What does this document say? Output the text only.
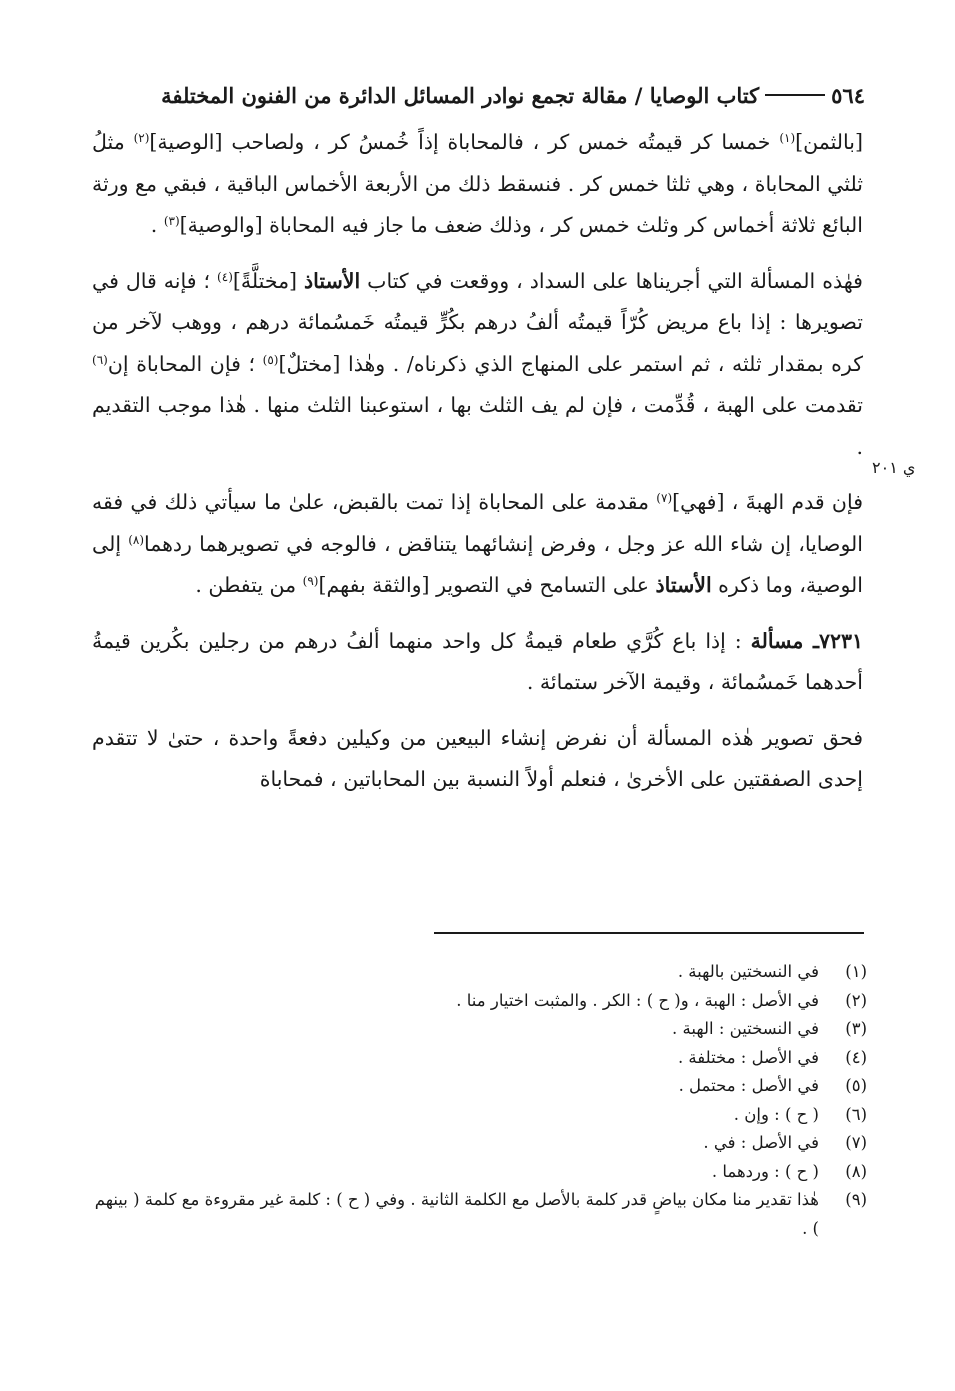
٥٦٤
كتاب الوصايا / مقالة تجمع نوادر المسائل الدائرة من الفنون المختلفة
ي ٢٠١

[بالثمن]$^{(١)}$ خمسا كر قيمتُه خمس كر ، فالمحاباة إذاً خُمسُ كر ، ولصاحب [الوصية]$^{(٢)}$ مثلُ ثلثي المحاباة ، وهي ثلثا خمس كر . فنسقط ذلك من الأربعة الأخماس الباقية ، فبقي مع ورثة البائع ثلاثة أخماس كر وثلث خمس كر ، وذلك ضعف ما جاز فيه المحاباة [والوصية]$^{(٣)}$ .

فهٰذه المسألة التي أجريناها على السداد ، ووقعت في كتاب الأستاذ [مختلَّةً]$^{(٤)}$ ؛ فإنه قال في تصويرها : إذا باع مريض كُرّاً قيمتُه ألفُ درهم بكُرٍّ قيمتُه خَمسُمائة درهم ، ووهب لآخر من كره بمقدار ثلثه ، ثم استمر على المنهاج الذي ذكرناه/ . وهٰذا [مختلٌ]$^{(٥)}$ ؛ فإن المحاباة إن$^{(٦)}$ تقدمت على الهبة ، قُدِّمت ، فإن لم يف الثلث بها ، استوعبنا الثلث منها . هٰذا موجب التقديم .

فإن قدم الهبةَ ، [فهي]$^{(٧)}$ مقدمة على المحاباة إذا تمت بالقبض، علىٰ ما سيأتي ذلك في فقه الوصايا، إن شاء الله عز وجل ، وفرض إنشائهما يتناقض ، فالوجه في تصويرهما ردهما$^{(٨)}$ إلى الوصية، وما ذكره الأستاذ على التسامح في التصوير [والثقة بفهم]$^{(٩)}$ من يتفطن .

٧٢٣١ـ مسألة : إذا باع كُرَّي طعام قيمةُ كل واحد منهما ألفُ درهم من رجلين بكُرين قيمةُ أحدهما خَمسُمائة ، وقيمة الآخر ستمائة .

فحق تصوير هٰذه المسألة أن نفرض إنشاء البيعين من وكيلين دفعةً واحدة ، حتىٰ لا تتقدم إحدى الصفقتين على الأخرىٰ ، فنعلم أولاً النسبة بين المحاباتين ، فمحاباة

(١)
في النسختين بالهبة .
(٢)
في الأصل : الهبة ، و( ح ) : الكر . والمثبت اختيار منا .
(٣)
في النسختين : الهبة .
(٤)
في الأصل : مختلفة .
(٥)
في الأصل : محتمل .
(٦)
( ح ) : وإن .
(٧)
في الأصل : في .
(٨)
( ح ) : وردهما .
(٩)
هٰذا تقدير منا مكان بياضٍ قدر كلمة بالأصل مع الكلمة الثانية . وفي ( ح ) : كلمة غير مقروءة مع كلمة ( بينهم ) .
